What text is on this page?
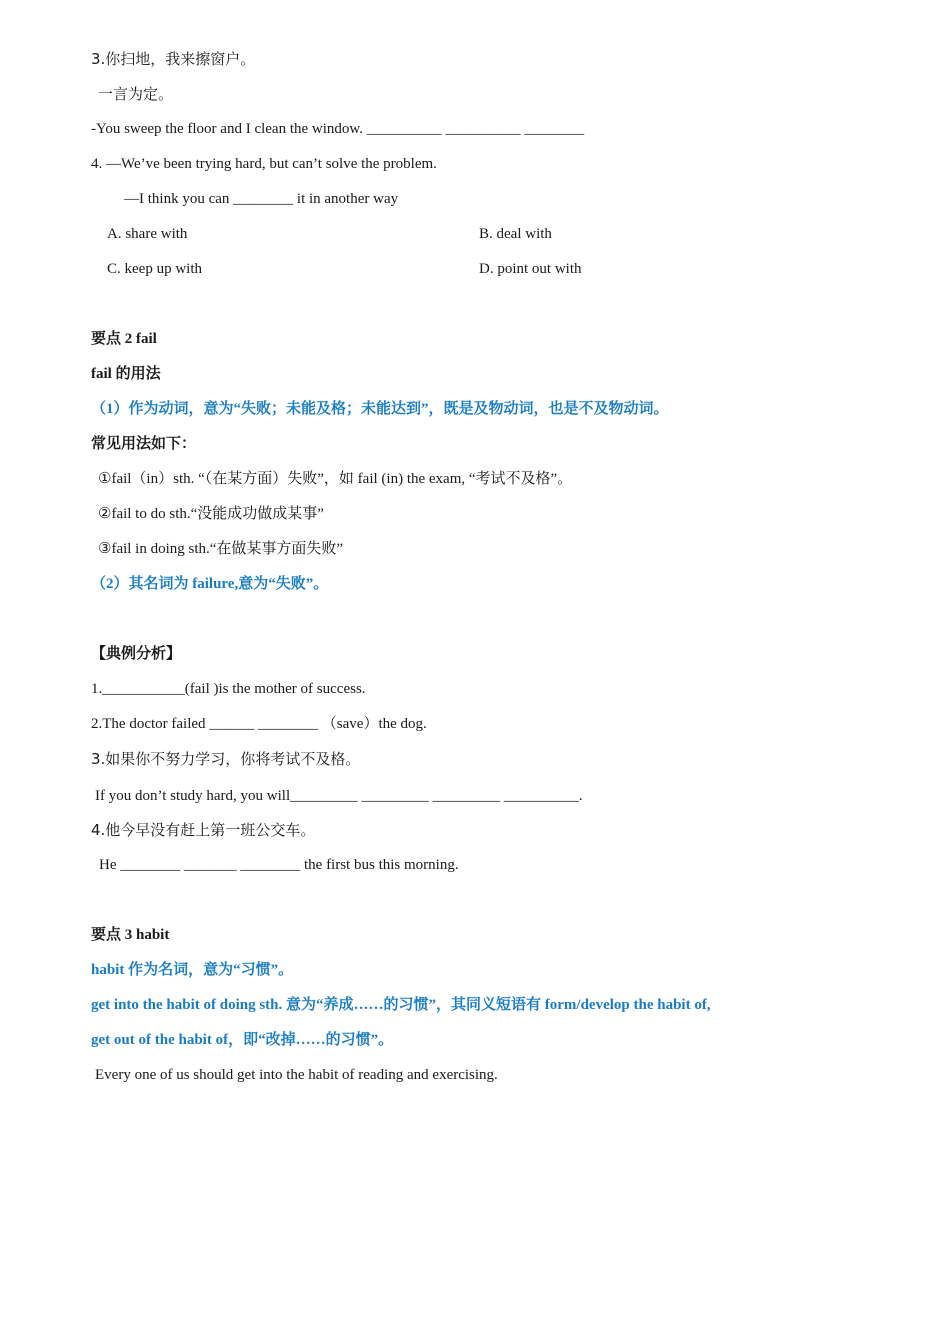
3.你扫地，我来擦窗户。
一言为定。
-You sweep the floor and I clean the window. __________ __________ ________
4. —We’ve been trying hard, but can’t solve the problem.
—I think you can ________ it in another way
A. share with	B. deal with
C. keep up with	D. point out with
要点 2 fail
fail 的用法
（1）作为动词，意为“失败；未能及格；未能达到”，既是及物动词，也是不及物动词。
常见用法如下：
①fail（in）sth. “（在某方面）失败”，如 fail (in) the exam, “考试不及格”。
②fail to do sth.“没能成功做成某事”
③fail in doing sth.“在做某事方面失败”
（2）其名词为 failure,意为“失败”。
【典例分析】
1.___________(fail )is the mother of success.
2.The doctor failed ______ ________ （save）the dog.
3.如果你不努力学习，你将考试不及格。
If you don’t study hard, you will_________ _________ _________ __________.
4.他今早没有赶上第一班公交车。
He ________ _______ ________ the first bus this morning.
要点 3 habit
habit 作为名词，意为“习惯”。
get into the habit of doing sth. 意为“养成……的习惯”，其同义短语有 form/develop the habit of,
get out of the habit of，即“改掉……的习惯”。
Every one of us should get into the habit of reading and exercising.
